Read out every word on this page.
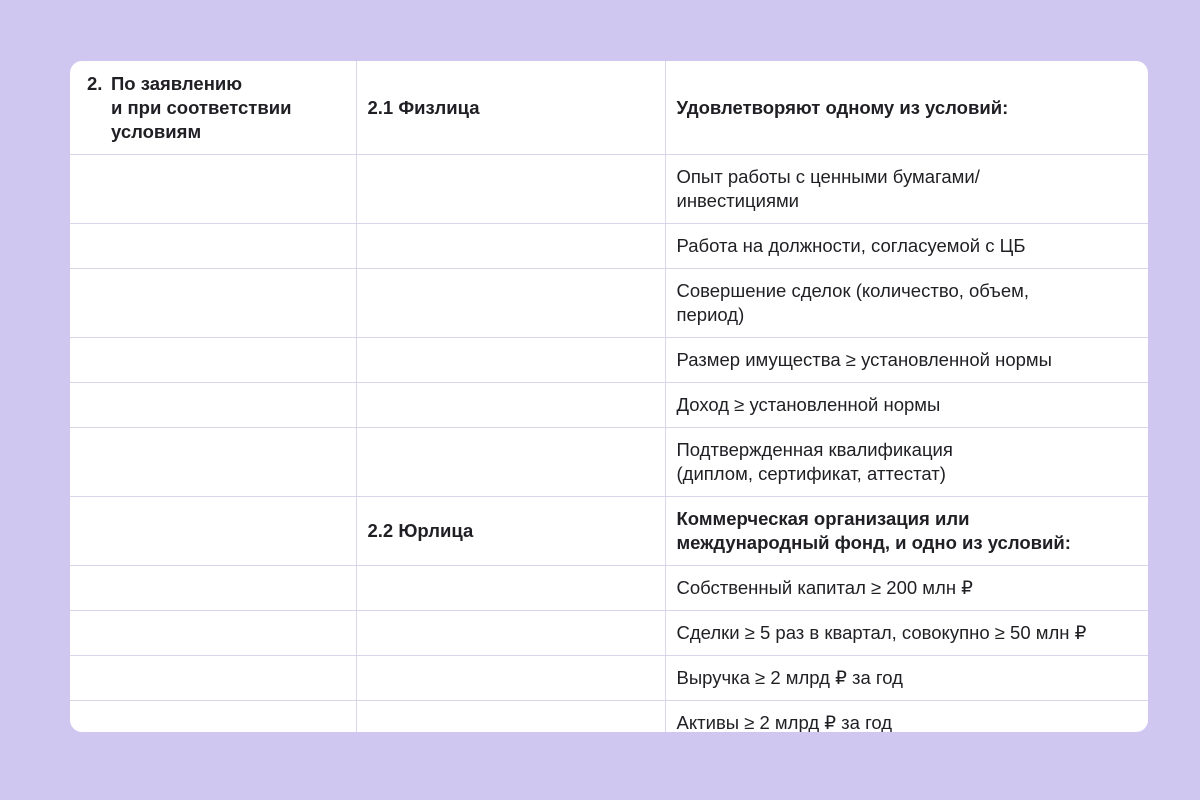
2. По заявлению
и при соответствии
условиям	2.1 Физлица	Удовлетворяют одному из условий:
		Опыт работы с ценными бумагами/
инвестициями
		Работа на должности, согласуемой с ЦБ
		Совершение сделок (количество, объем,
период)
		Размер имущества ≥ установленной нормы
		Доход ≥ установленной нормы
		Подтвержденная квалификация
(диплом, сертификат, аттестат)
	2.2 Юрлица	Коммерческая организация или
международный фонд, и одно из условий:
		Собственный капитал ≥ 200 млн ₽
		Сделки ≥ 5 раз в квартал, совокупно ≥ 50 млн ₽
		Выручка ≥ 2 млрд ₽ за год
		Активы ≥ 2 млрд ₽ за год
